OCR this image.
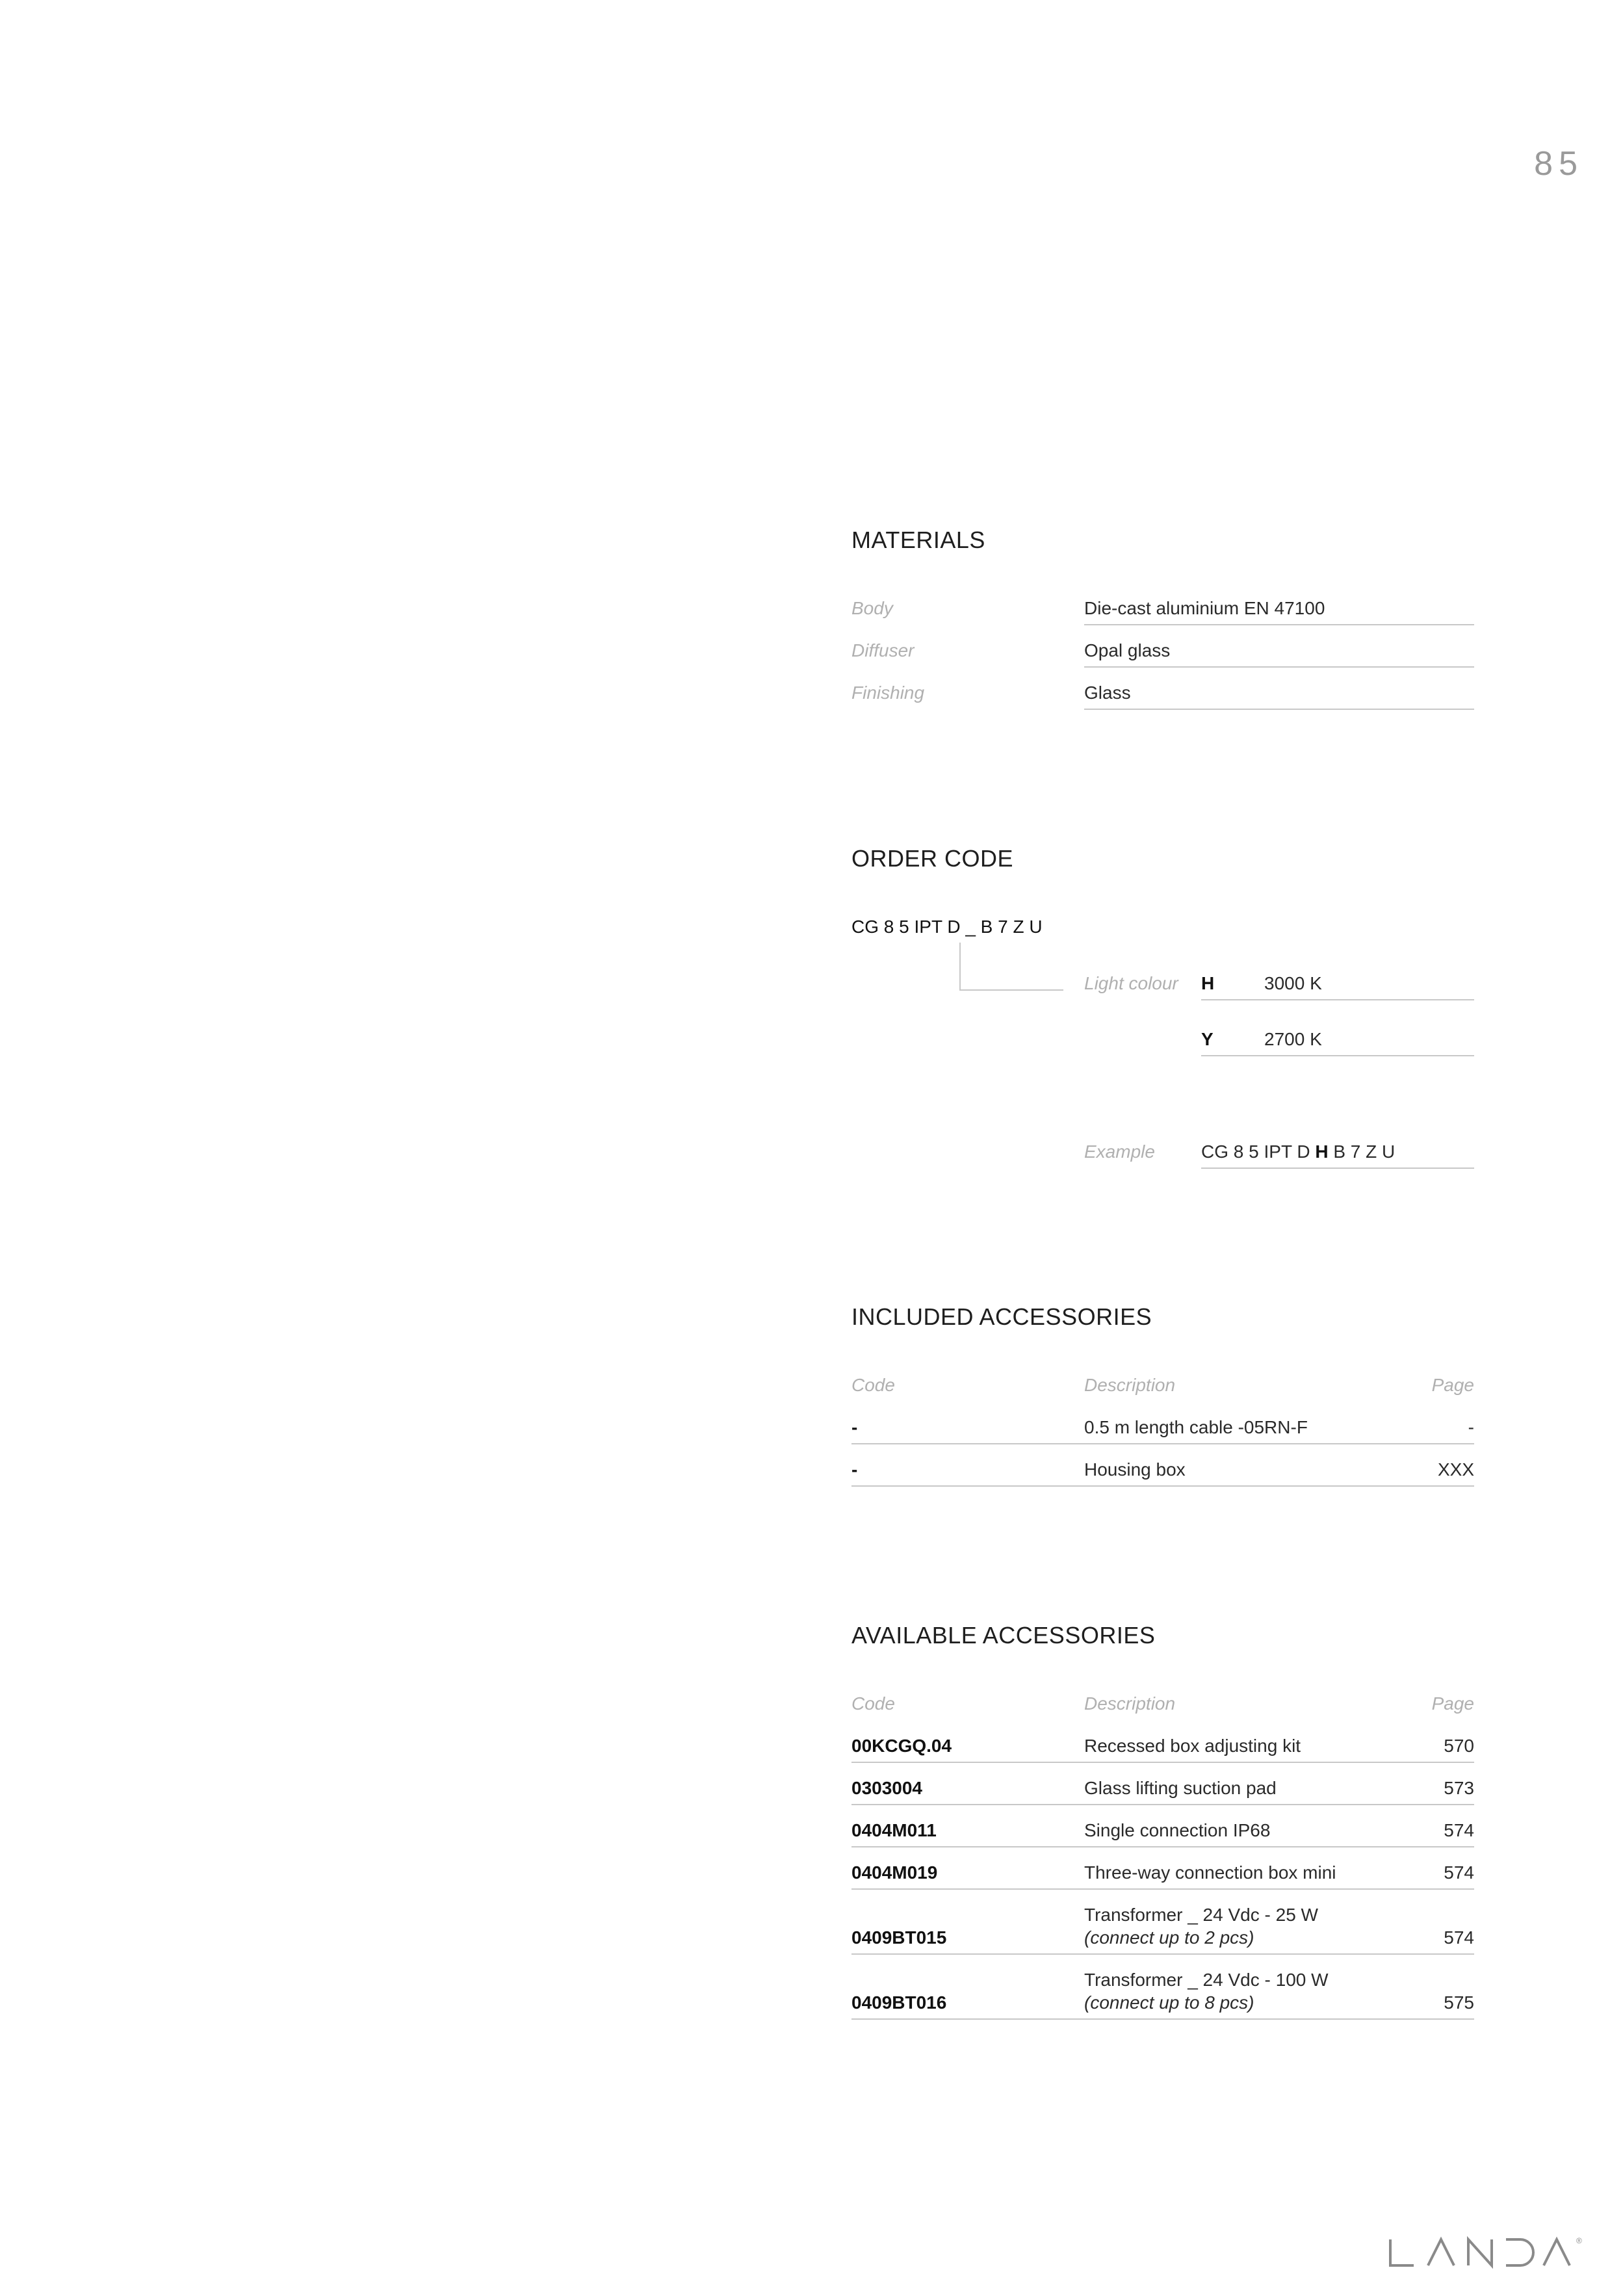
85
MATERIALS
Body	Die-cast aluminium EN 47100
Diffuser	Opal glass
Finishing	Glass
ORDER CODE
CG 8 5 IPT D _ B 7 Z U
Light colour H	3000 K
Y	2700 K
Example	CG 8 5 IPT D H B 7 Z U
INCLUDED ACCESSORIES
Code	Description	Page
-	0.5 m length cable -05RN-F	-
-	Housing box	XXX
AVAILABLE ACCESSORIES
Code	Description	Page
00KCGQ.04	Recessed box adjusting kit	570
0303004	Glass lifting suction pad	573
0404M011	Single connection IP68	574
0404M019	Three-way connection box mini	574
Transformer _ 24 Vdc - 25 W
0409BT015	(connect up to 2 pcs)	574
Transformer _ 24 Vdc - 100 W
0409BT016	(connect up to 8 pcs)	575
®
